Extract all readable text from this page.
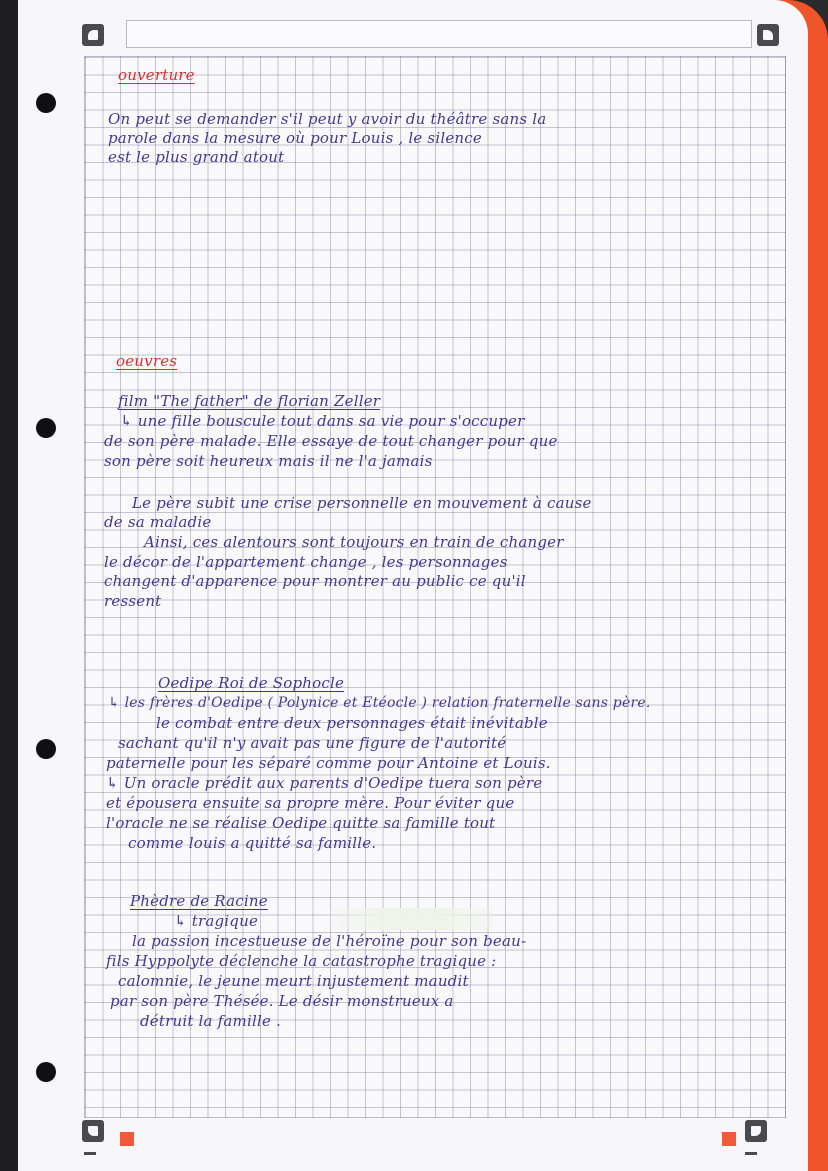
ouverture
On peut se demander s'il peut y avoir du théâtre sans la
parole dans la mesure où pour Louis , le silence
est le plus grand atout
oeuvres
film "The father" de florian Zeller
↳ une fille bouscule tout dans sa vie pour s'occuper
de son père malade. Elle essaye de tout changer pour que
son père soit heureux mais il ne l'a jamais
Le père subit une crise personnelle en mouvement à cause
de sa maladie
Ainsi, ces alentours sont toujours en train de changer
le décor de l'appartement change , les personnages
changent d'apparence pour montrer au public ce qu'il
ressent
Oedipe Roi de Sophocle
↳ les frères d'Oedipe ( Polynice et Etéocle ) relation fraternelle sans père.
le combat entre deux personnages était inévitable
sachant qu'il n'y avait pas une figure de l'autorité
paternelle pour les séparé comme pour Antoine et Louis.
↳ Un oracle prédit aux parents d'Oedipe tuera son père
et épousera ensuite sa propre mère. Pour éviter que
l'oracle ne se réalise Oedipe quitte sa famille tout
comme louis a quitté sa famille.
Phèdre de Racine
↳ tragique
la passion incestueuse de l'héroïne pour son beau-
fils Hyppolyte déclenche la catastrophe tragique :
calomnie, le jeune meurt injustement maudit
par son père Thésée. Le désir monstrueux a
détruit la famille .
